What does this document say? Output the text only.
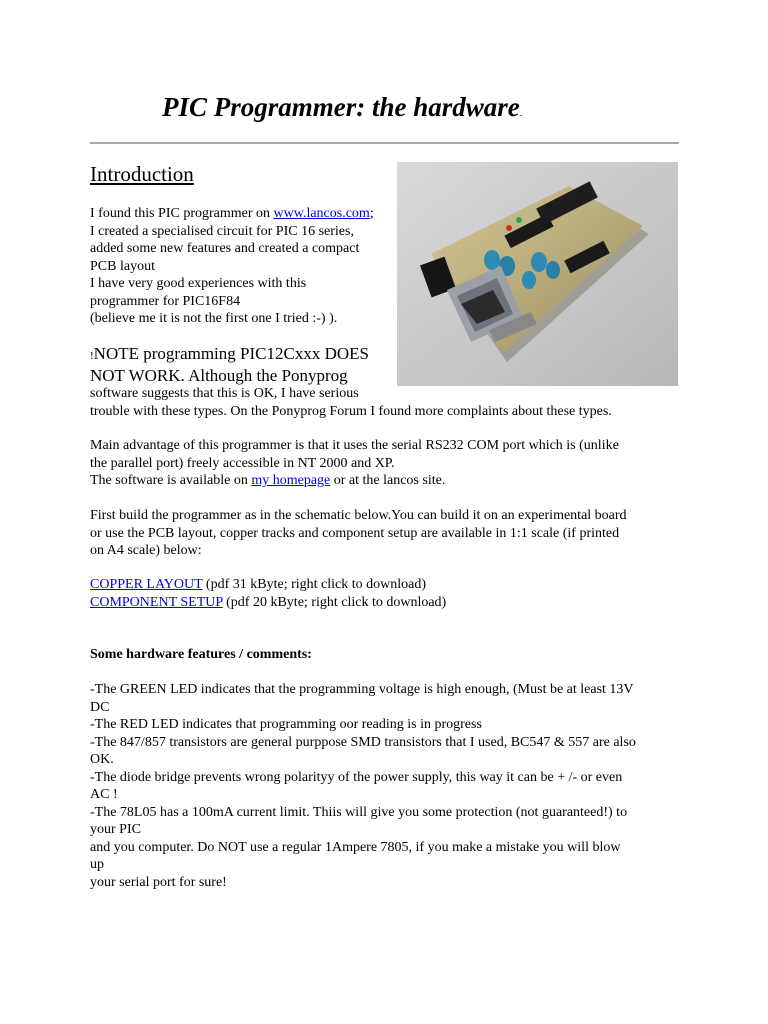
PIC Programmer: the hardware.
Introduction
I found this PIC programmer on www.lancos.com;
I created a specialised circuit for PIC 16 series,
added some new features and created a compact
PCB layout
I have very good experiences with this
programmer for PIC16F84
(believe me it is not the first one I tried :-) ).
!NOTE programming PIC12Cxxx DOES
NOT WORK. Although the Ponyprog
software suggests that this is OK, I have serious
trouble with these types. On the Ponyprog Forum I found more complaints about these types.
Main advantage of this programmer is that it uses the serial RS232 COM port which is (unlike
the parallel port) freely accessible in NT 2000 and XP.
The software is available on my homepage or at the lancos site.
First build the programmer as in the schematic below.You can build it on an experimental board
or use the PCB layout, copper tracks and component setup are available in 1:1 scale (if printed
on A4 scale) below:
COPPER LAYOUT (pdf 31 kByte; right click to download)
COMPONENT SETUP (pdf 20 kByte; right click to download)
Some hardware features / comments:
-The GREEN LED indicates that the programming voltage is high enough, (Must be at least 13V
DC
-The RED LED indicates that programming oor reading is in progress
-The 847/857 transistors are general purppose SMD transistors that I used, BC547 & 557 are also
OK.
-The diode bridge prevents wrong polarityy of the power supply, this way it can be + /- or even
AC !
-The 78L05 has a 100mA current limit. Thiis will give you some protection (not guaranteed!) to
your PIC
and you computer. Do NOT use a regular 1Ampere 7805, if you make a mistake you will blow
up
your serial port for sure!
